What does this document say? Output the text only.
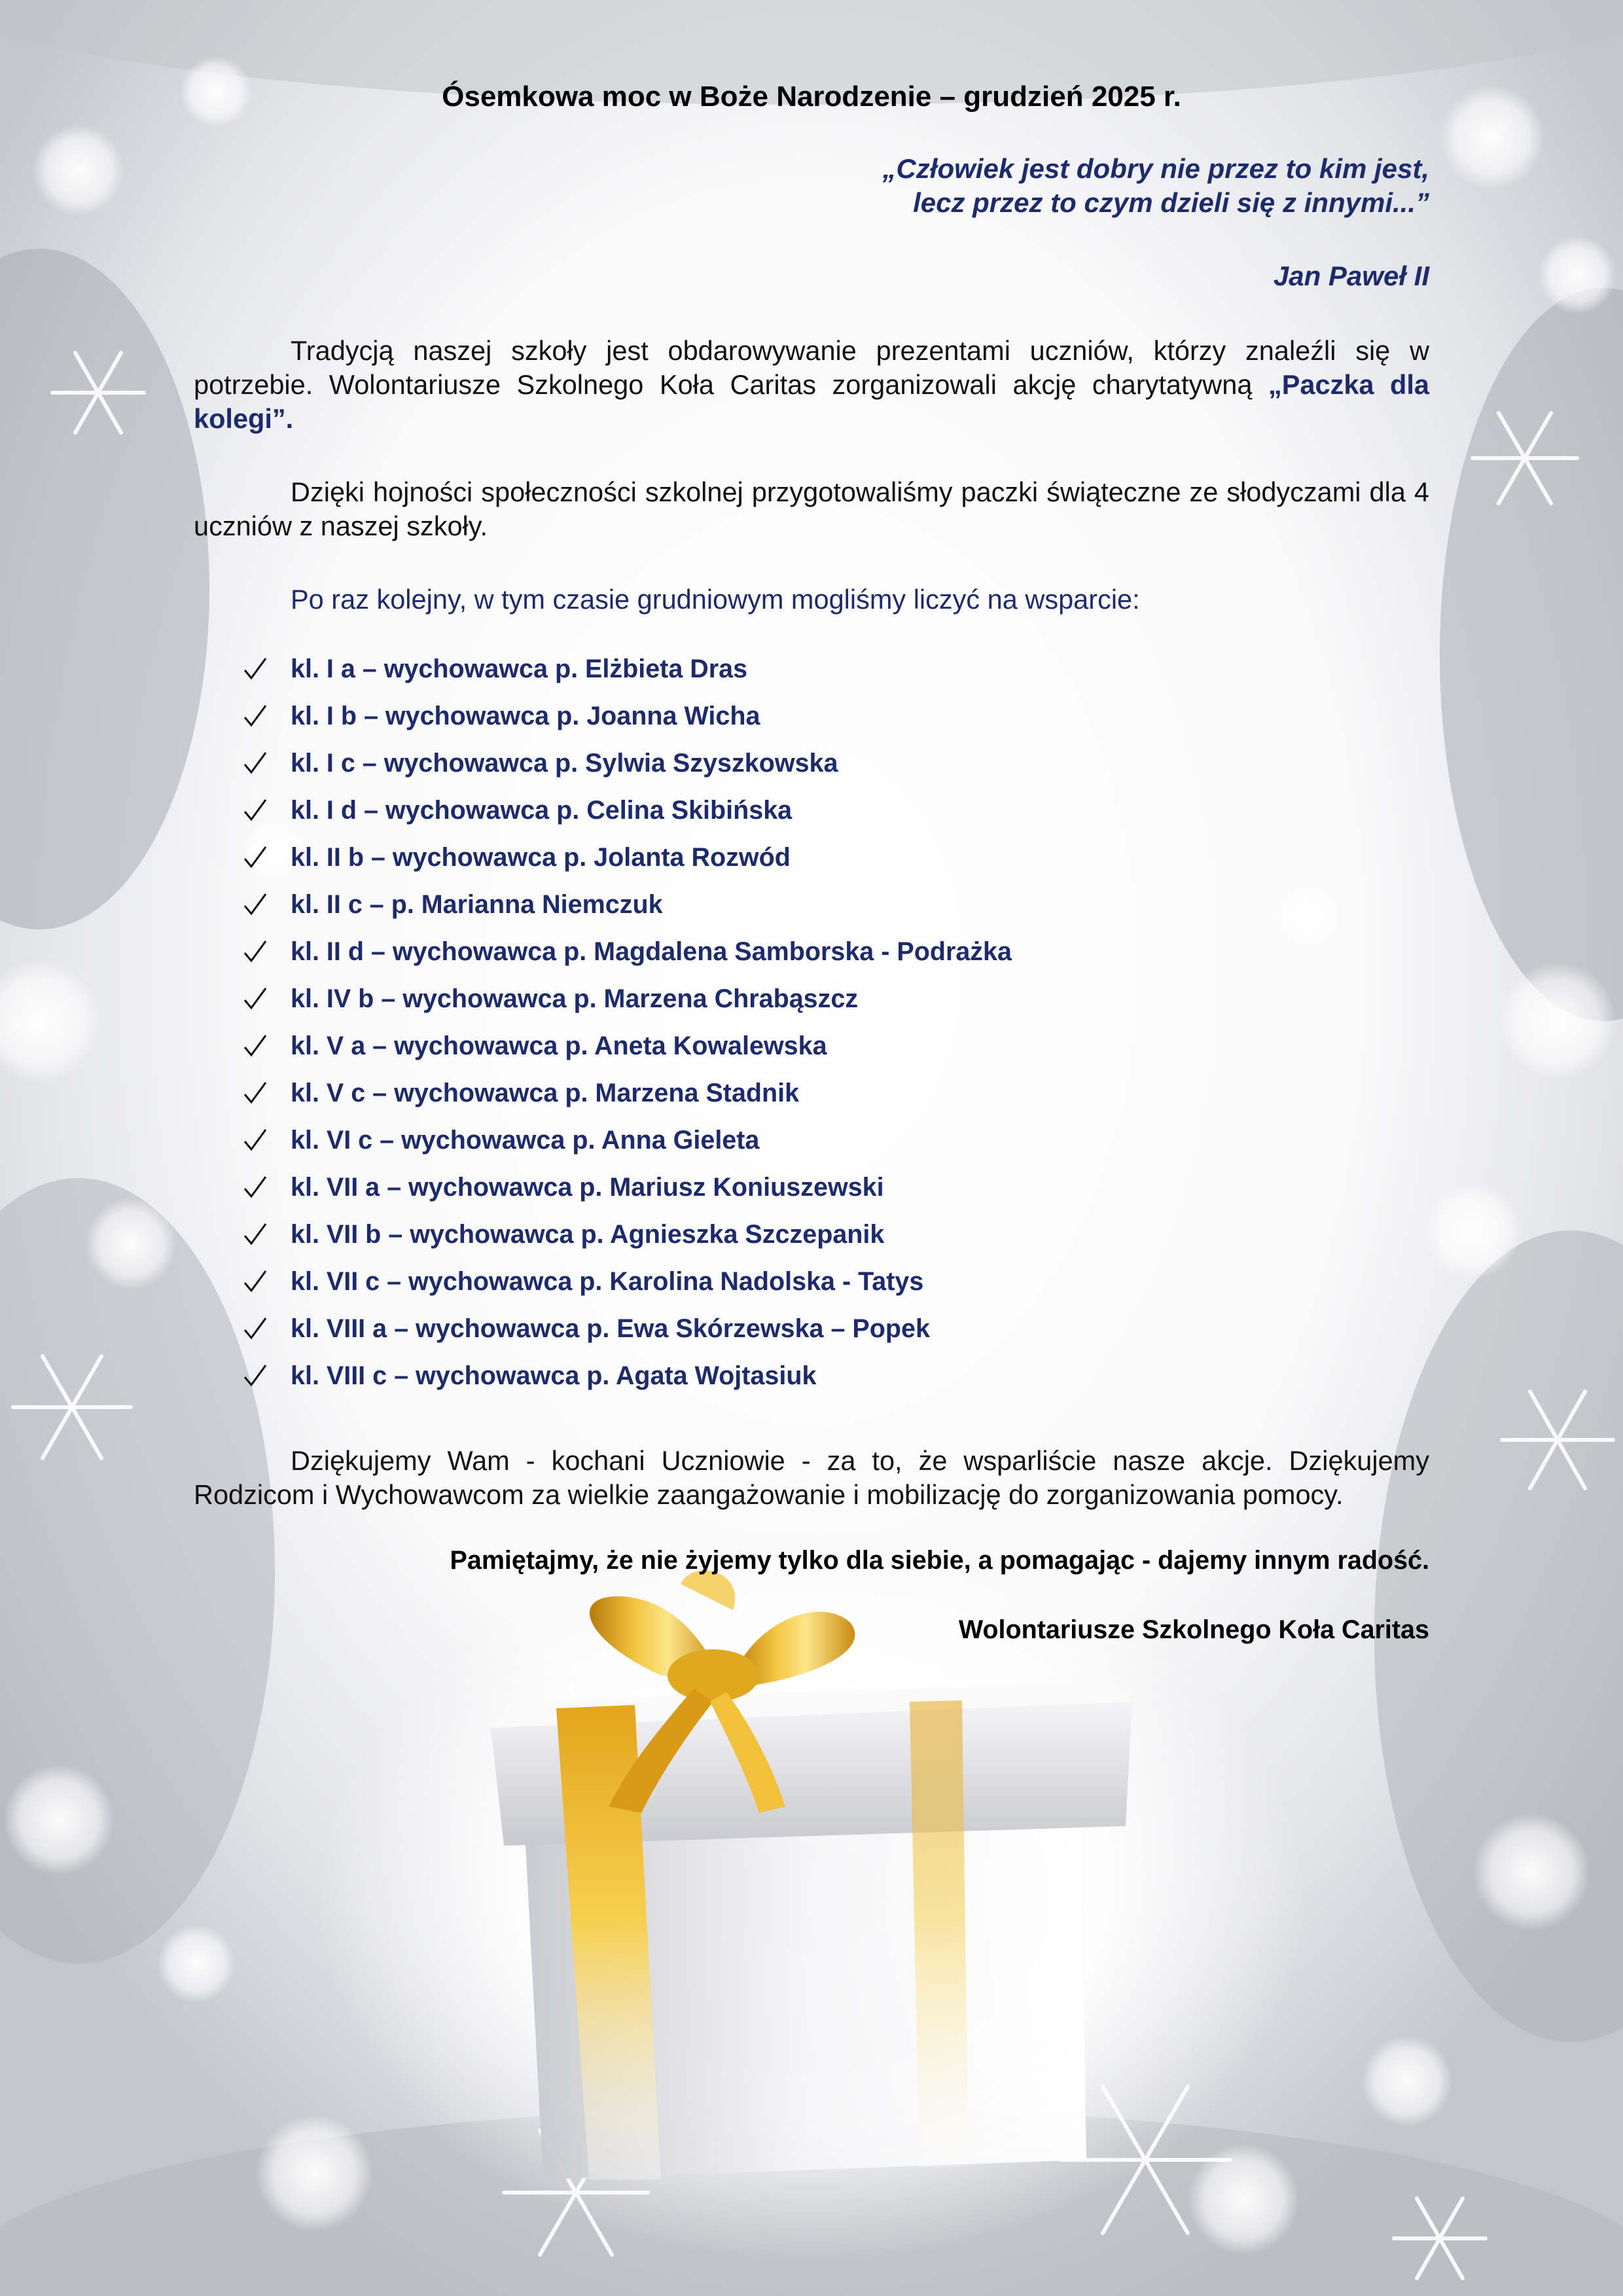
Ósemkowa moc w Boże Narodzenie – grudzień 2025 r.

„Człowiek jest dobry nie przez to kim jest,

lecz przez to czym dzieli się z innymi...”

Jan Paweł II

Tradycją naszej szkoły jest obdarowywanie prezentami uczniów, którzy znaleźli się w potrzebie. Wolontariusze Szkolnego Koła Caritas zorganizowali akcję charytatywną „Paczka dla kolegi”.

Dzięki hojności społeczności szkolnej przygotowaliśmy paczki świąteczne ze słodyczami dla 4 uczniów z naszej szkoły.

Po raz kolejny, w tym czasie grudniowym mogliśmy liczyć na wsparcie:

kl. I a – wychowawca p. Elżbieta Dras
kl. I b – wychowawca p. Joanna Wicha
kl. I c – wychowawca p. Sylwia Szyszkowska
kl. I d – wychowawca p. Celina Skibińska
kl. II b – wychowawca p. Jolanta Rozwód
kl. II c – p. Marianna Niemczuk
kl. II d – wychowawca p. Magdalena Samborska - Podrażka
kl. IV b – wychowawca p. Marzena Chrabąszcz
kl. V a – wychowawca p. Aneta Kowalewska
kl. V c – wychowawca p. Marzena Stadnik
kl. VI c – wychowawca p. Anna Gieleta
kl. VII a – wychowawca p. Mariusz Koniuszewski
kl. VII b – wychowawca p. Agnieszka Szczepanik
kl. VII c – wychowawca p. Karolina Nadolska - Tatys
kl. VIII a – wychowawca p. Ewa Skórzewska – Popek
kl. VIII c – wychowawca p. Agata Wojtasiuk

Dziękujemy Wam - kochani Uczniowie - za to, że wsparliście nasze akcje. Dziękujemy Rodzicom i Wychowawcom za wielkie zaangażowanie i mobilizację do zorganizowania pomocy.

Pamiętajmy, że nie żyjemy tylko dla siebie, a pomagając - dajemy innym radość.

Wolontariusze Szkolnego Koła Caritas
